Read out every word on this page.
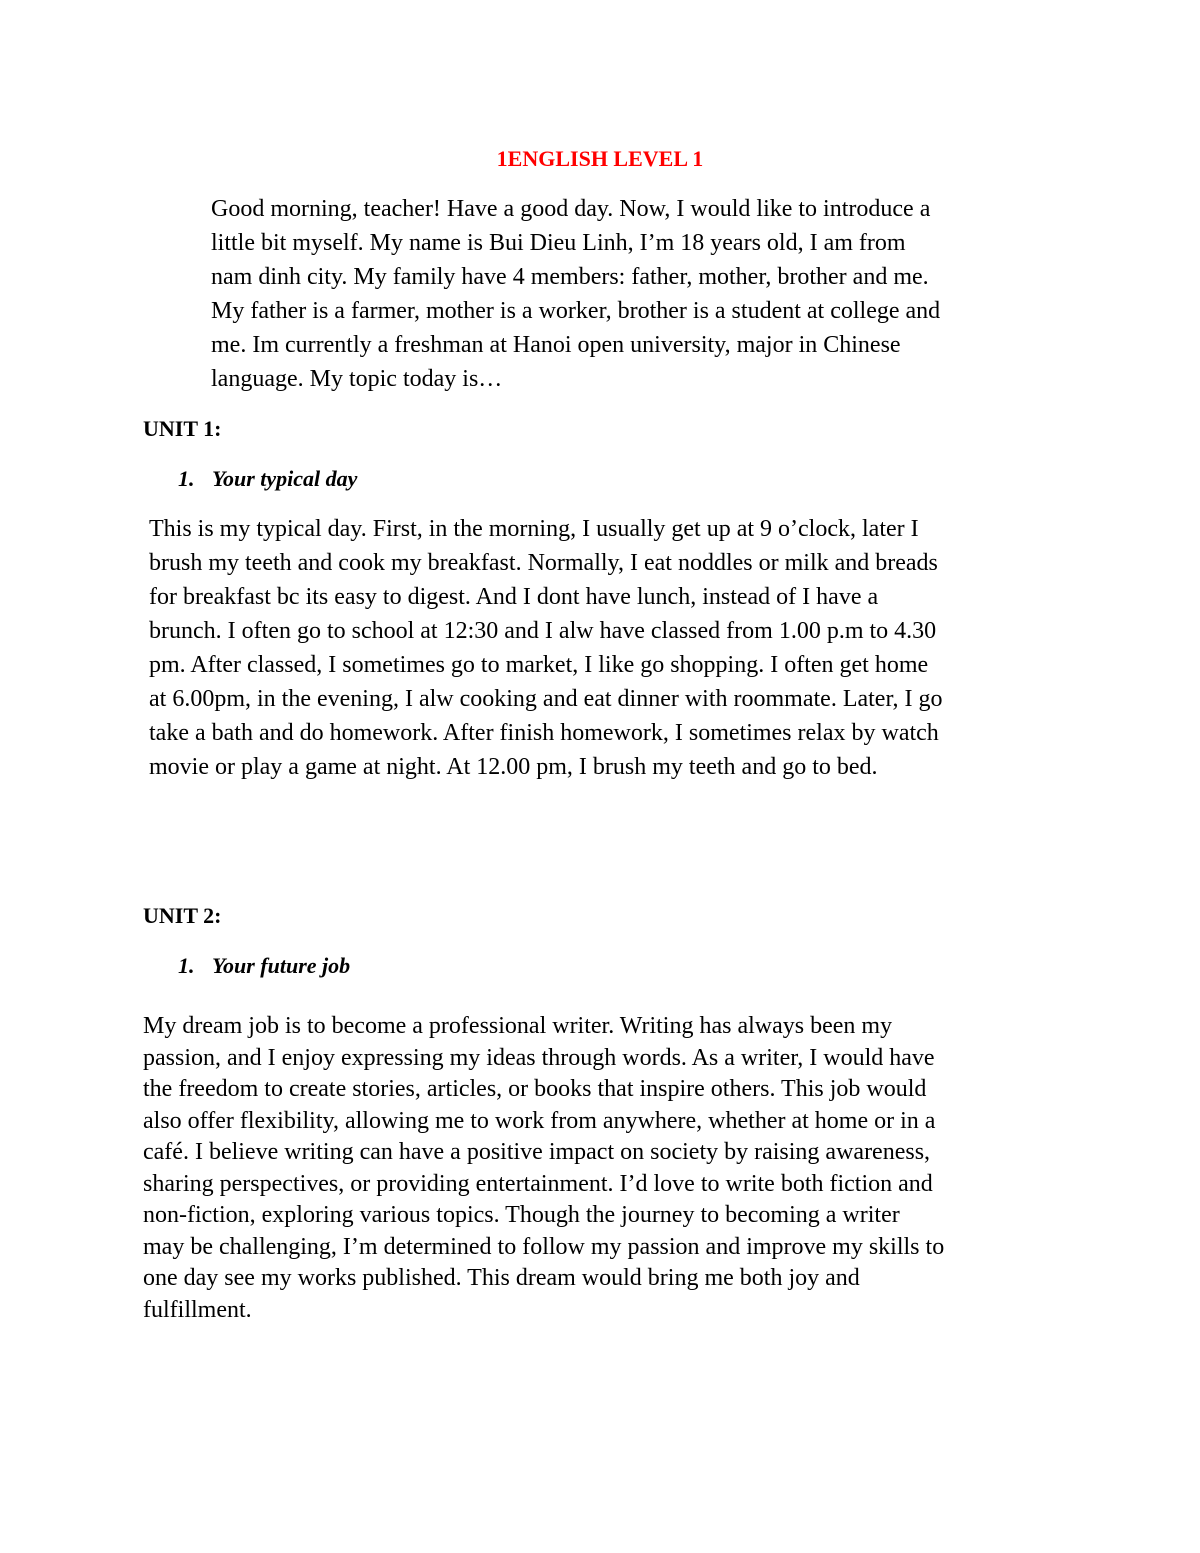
1ENGLISH LEVEL 1
Good morning, teacher! Have a good day. Now, I would like to introduce a
little bit myself. My name is Bui Dieu Linh, I’m 18 years old, I am from
nam dinh city. My family have 4 members: father, mother, brother and me.
My father is a farmer, mother is a worker, brother is a student at college and
me. Im currently a freshman at Hanoi open university, major in Chinese
language. My topic today is…
UNIT 1:
1. Your typical day
This is my typical day. First, in the morning, I usually get up at 9 o’clock, later I
brush my teeth and cook my breakfast. Normally, I eat noddles or milk and breads
for breakfast bc its easy to digest. And I dont have lunch, instead of I have a
brunch. I often go to school at 12:30 and I alw have classed from 1.00 p.m to 4.30
pm. After classed, I sometimes go to market, I like go shopping. I often get home
at 6.00pm, in the evening, I alw cooking and eat dinner with roommate. Later, I go
take a bath and do homework. After finish homework, I sometimes relax by watch
movie or play a game at night. At 12.00 pm, I brush my teeth and go to bed.
UNIT 2:
1. Your future job
My dream job is to become a professional writer. Writing has always been my
passion, and I enjoy expressing my ideas through words. As a writer, I would have
the freedom to create stories, articles, or books that inspire others. This job would
also offer flexibility, allowing me to work from anywhere, whether at home or in a
café. I believe writing can have a positive impact on society by raising awareness,
sharing perspectives, or providing entertainment. I’d love to write both fiction and
non-fiction, exploring various topics. Though the journey to becoming a writer
may be challenging, I’m determined to follow my passion and improve my skills to
one day see my works published. This dream would bring me both joy and
fulfillment.
